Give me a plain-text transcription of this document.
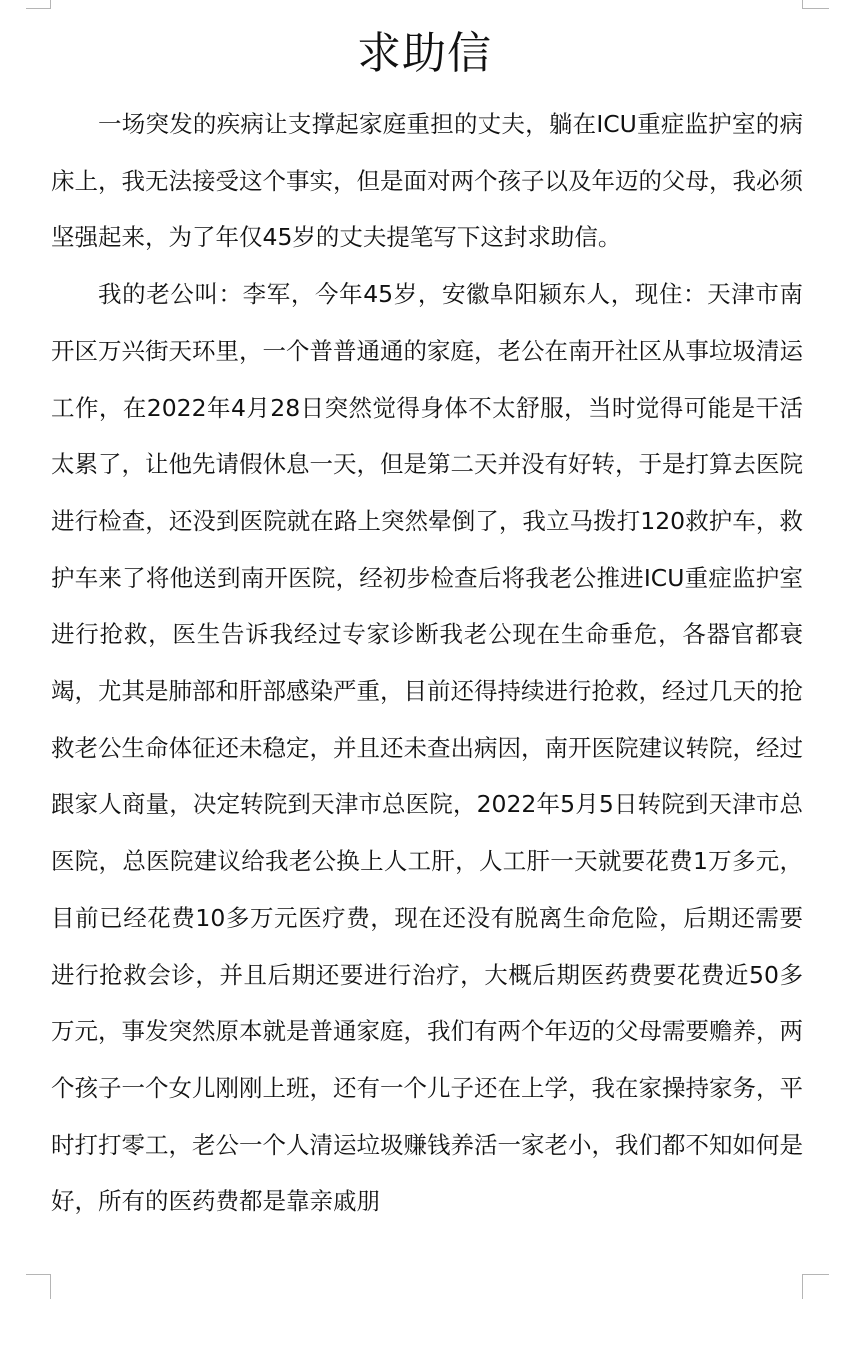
求助信

一场突发的疾病让支撑起家庭重担的丈夫，躺在ICU重症监护室的病床上，我无法接受这个事实，但是面对两个孩子以及年迈的父母，我必须坚强起来，为了年仅45岁的丈夫提笔写下这封求助信。

我的老公叫：李军，今年45岁，安徽阜阳颍东人，现住：天津市南开区万兴街天环里，一个普普通通的家庭，老公在南开社区从事垃圾清运工作，在2022年4月28日突然觉得身体不太舒服，当时觉得可能是干活太累了，让他先请假休息一天，但是第二天并没有好转，于是打算去医院进行检查，还没到医院就在路上突然晕倒了，我立马拨打120救护车，救护车来了将他送到南开医院，经初步检查后将我老公推进ICU重症监护室进行抢救，医生告诉我经过专家诊断我老公现在生命垂危，各器官都衰竭，尤其是肺部和肝部感染严重，目前还得持续进行抢救，经过几天的抢救老公生命体征还未稳定，并且还未查出病因，南开医院建议转院，经过跟家人商量，决定转院到天津市总医院，2022年5月5日转院到天津市总医院，总医院建议给我老公换上人工肝，人工肝一天就要花费1万多元，目前已经花费10多万元医疗费，现在还没有脱离生命危险，后期还需要进行抢救会诊，并且后期还要进行治疗，大概后期医药费要花费近50多万元，事发突然原本就是普通家庭，我们有两个年迈的父母需要赡养，两个孩子一个女儿刚刚上班，还有一个儿子还在上学，我在家操持家务，平时打打零工，老公一个人清运垃圾赚钱养活一家老小，我们都不知如何是好，所有的医药费都是靠亲戚朋
